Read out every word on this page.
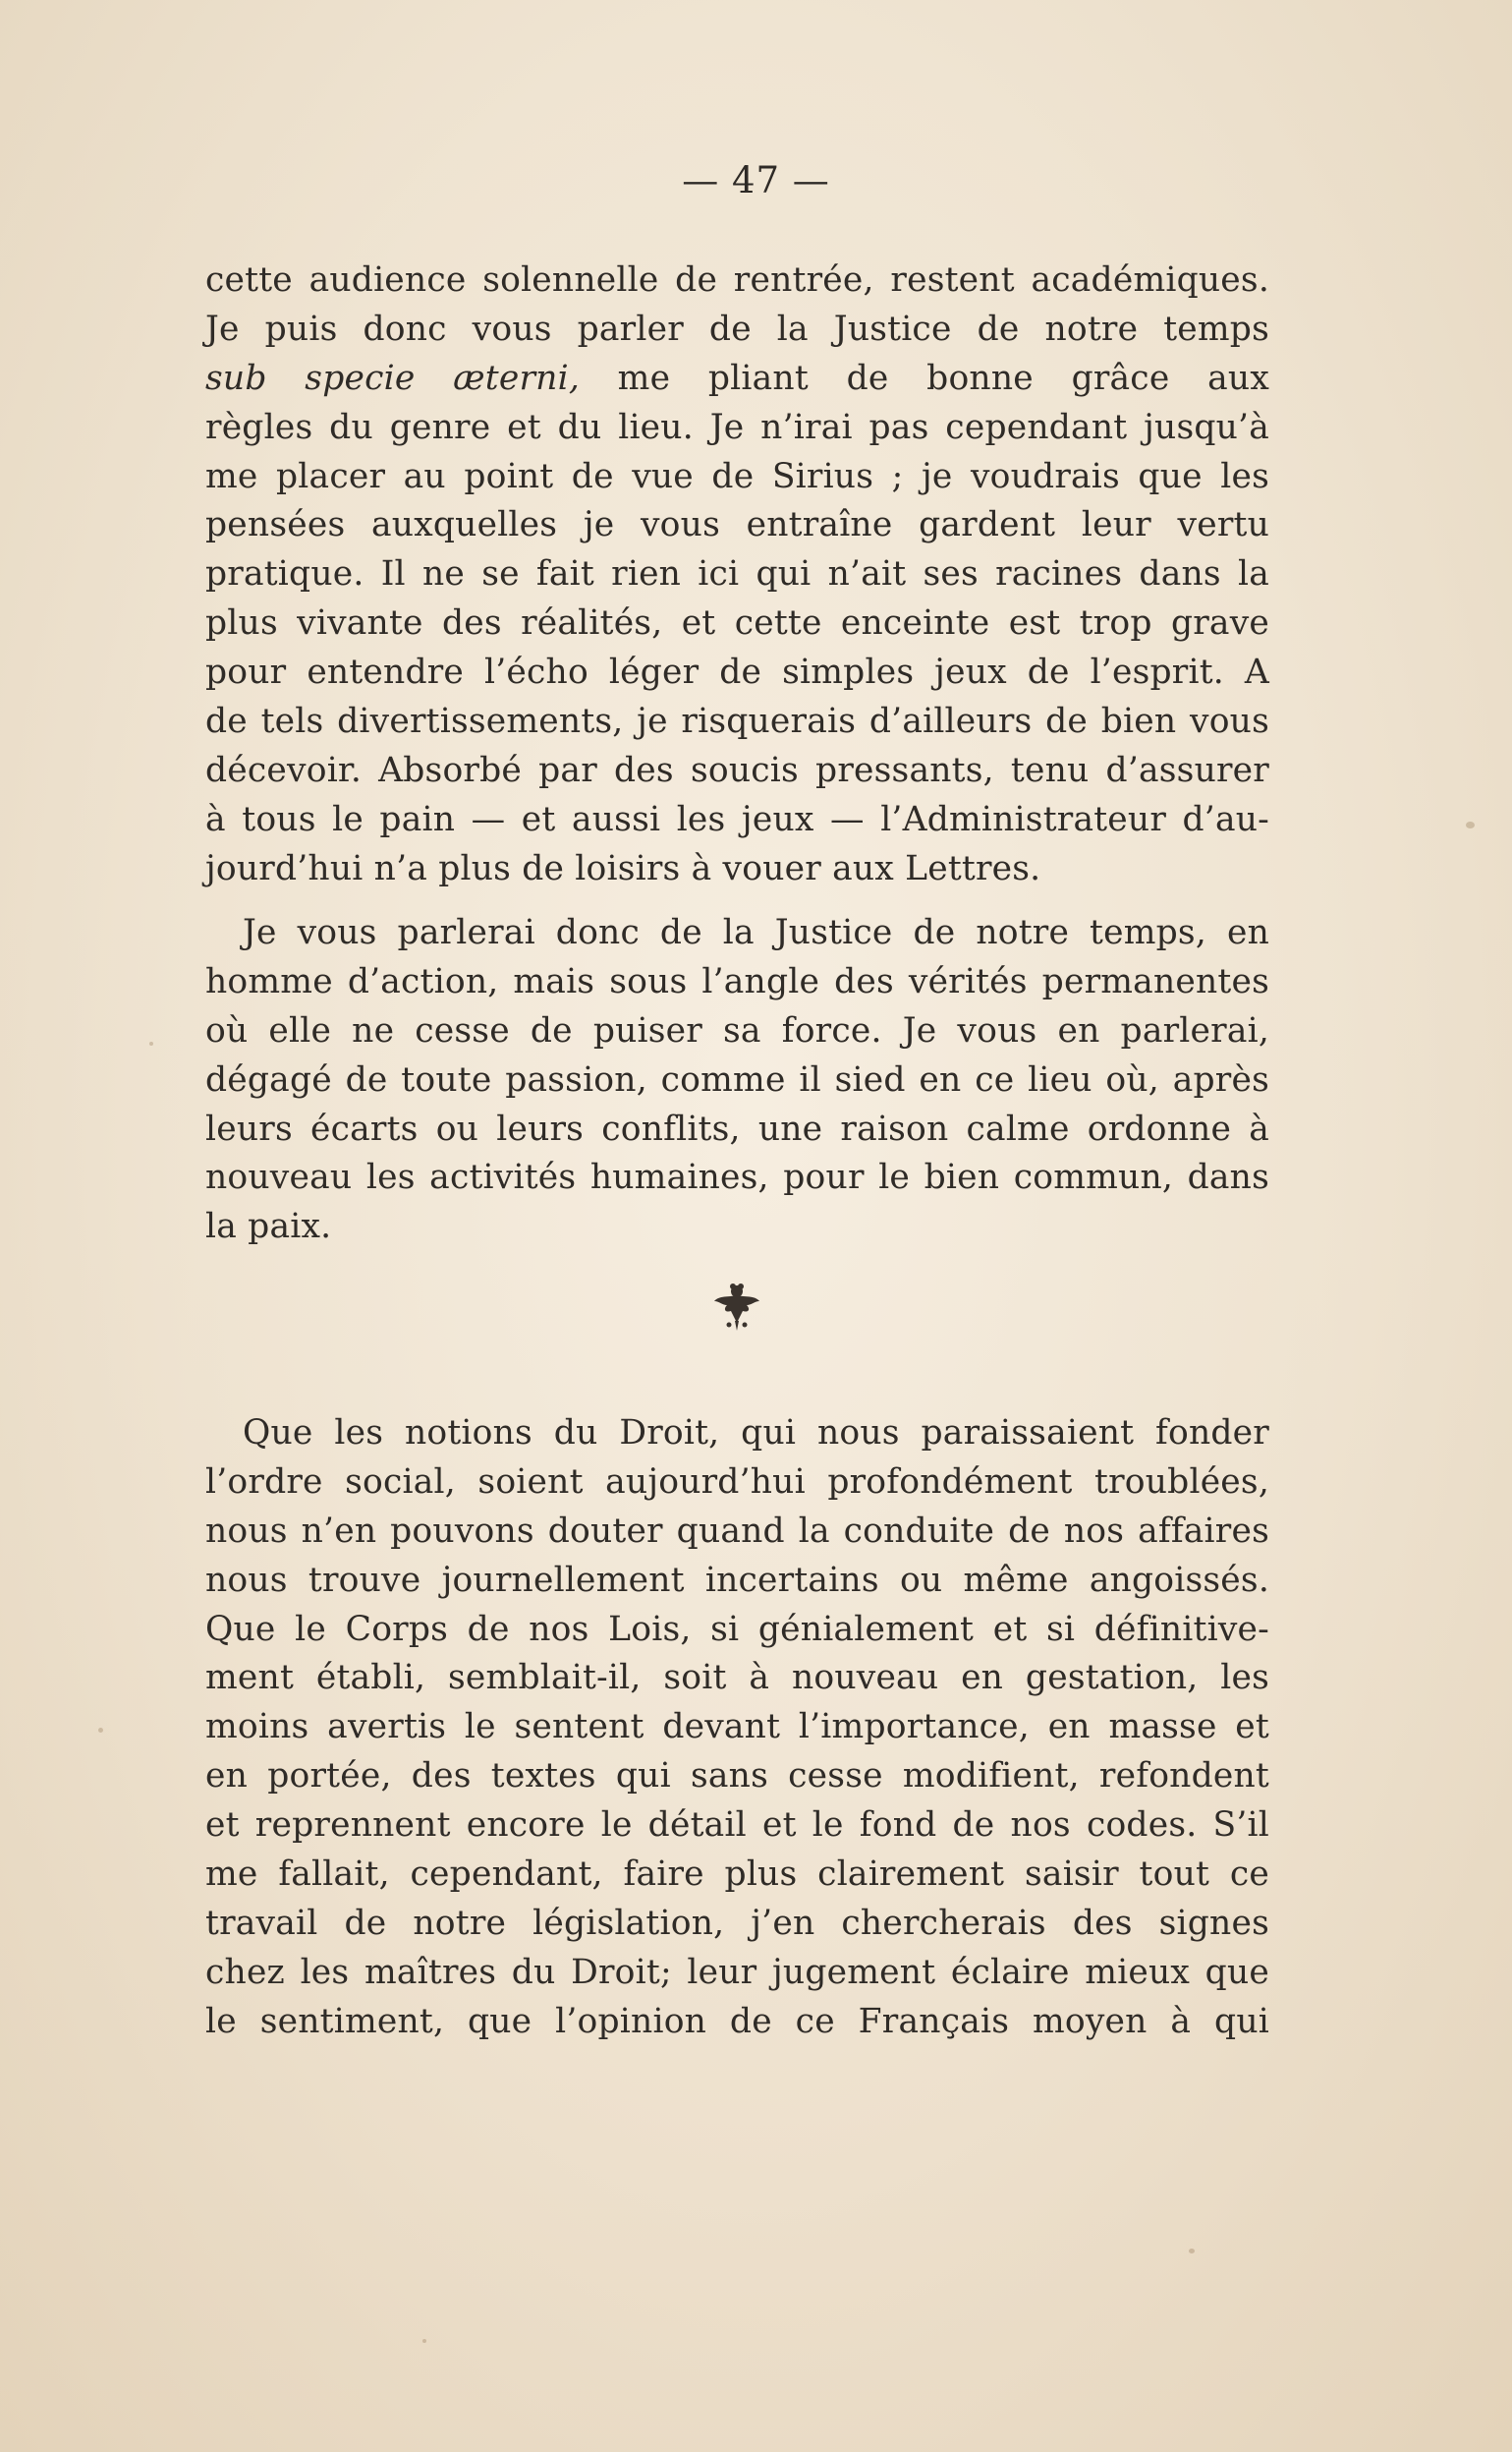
— 47 —
cette audience solennelle de rentrée, restent académiques.
Je puis donc vous parler de la Justice de notre temps
sub specie æterni, me pliant de bonne grâce aux
règles du genre et du lieu. Je n’irai pas cependant jusqu’à
me placer au point de vue de Sirius ; je voudrais que les
pensées auxquelles je vous entraîne gardent leur vertu
pratique. Il ne se fait rien ici qui n’ait ses racines dans la
plus vivante des réalités, et cette enceinte est trop grave
pour entendre l’écho léger de simples jeux de l’esprit. A
de tels divertissements, je risquerais d’ailleurs de bien vous
décevoir. Absorbé par des soucis pressants, tenu d’assurer
à tous le pain — et aussi les jeux — l’Administrateur d’au-
jourd’hui n’a plus de loisirs à vouer aux Lettres.
Je vous parlerai donc de la Justice de notre temps, en
homme d’action, mais sous l’angle des vérités permanentes
où elle ne cesse de puiser sa force. Je vous en parlerai,
dégagé de toute passion, comme il sied en ce lieu où, après
leurs écarts ou leurs conflits, une raison calme ordonne à
nouveau les activités humaines, pour le bien commun, dans
la paix.
Que les notions du Droit, qui nous paraissaient fonder
l’ordre social, soient aujourd’hui profondément troublées,
nous n’en pouvons douter quand la conduite de nos affaires
nous trouve journellement incertains ou même angoissés.
Que le Corps de nos Lois, si génialement et si définitive-
ment établi, semblait-il, soit à nouveau en gestation, les
moins avertis le sentent devant l’importance, en masse et
en portée, des textes qui sans cesse modifient, refondent
et reprennent encore le détail et le fond de nos codes. S’il
me fallait, cependant, faire plus clairement saisir tout ce
travail de notre législation, j’en chercherais des signes
chez les maîtres du Droit; leur jugement éclaire mieux que
le sentiment, que l’opinion de ce Français moyen à qui
